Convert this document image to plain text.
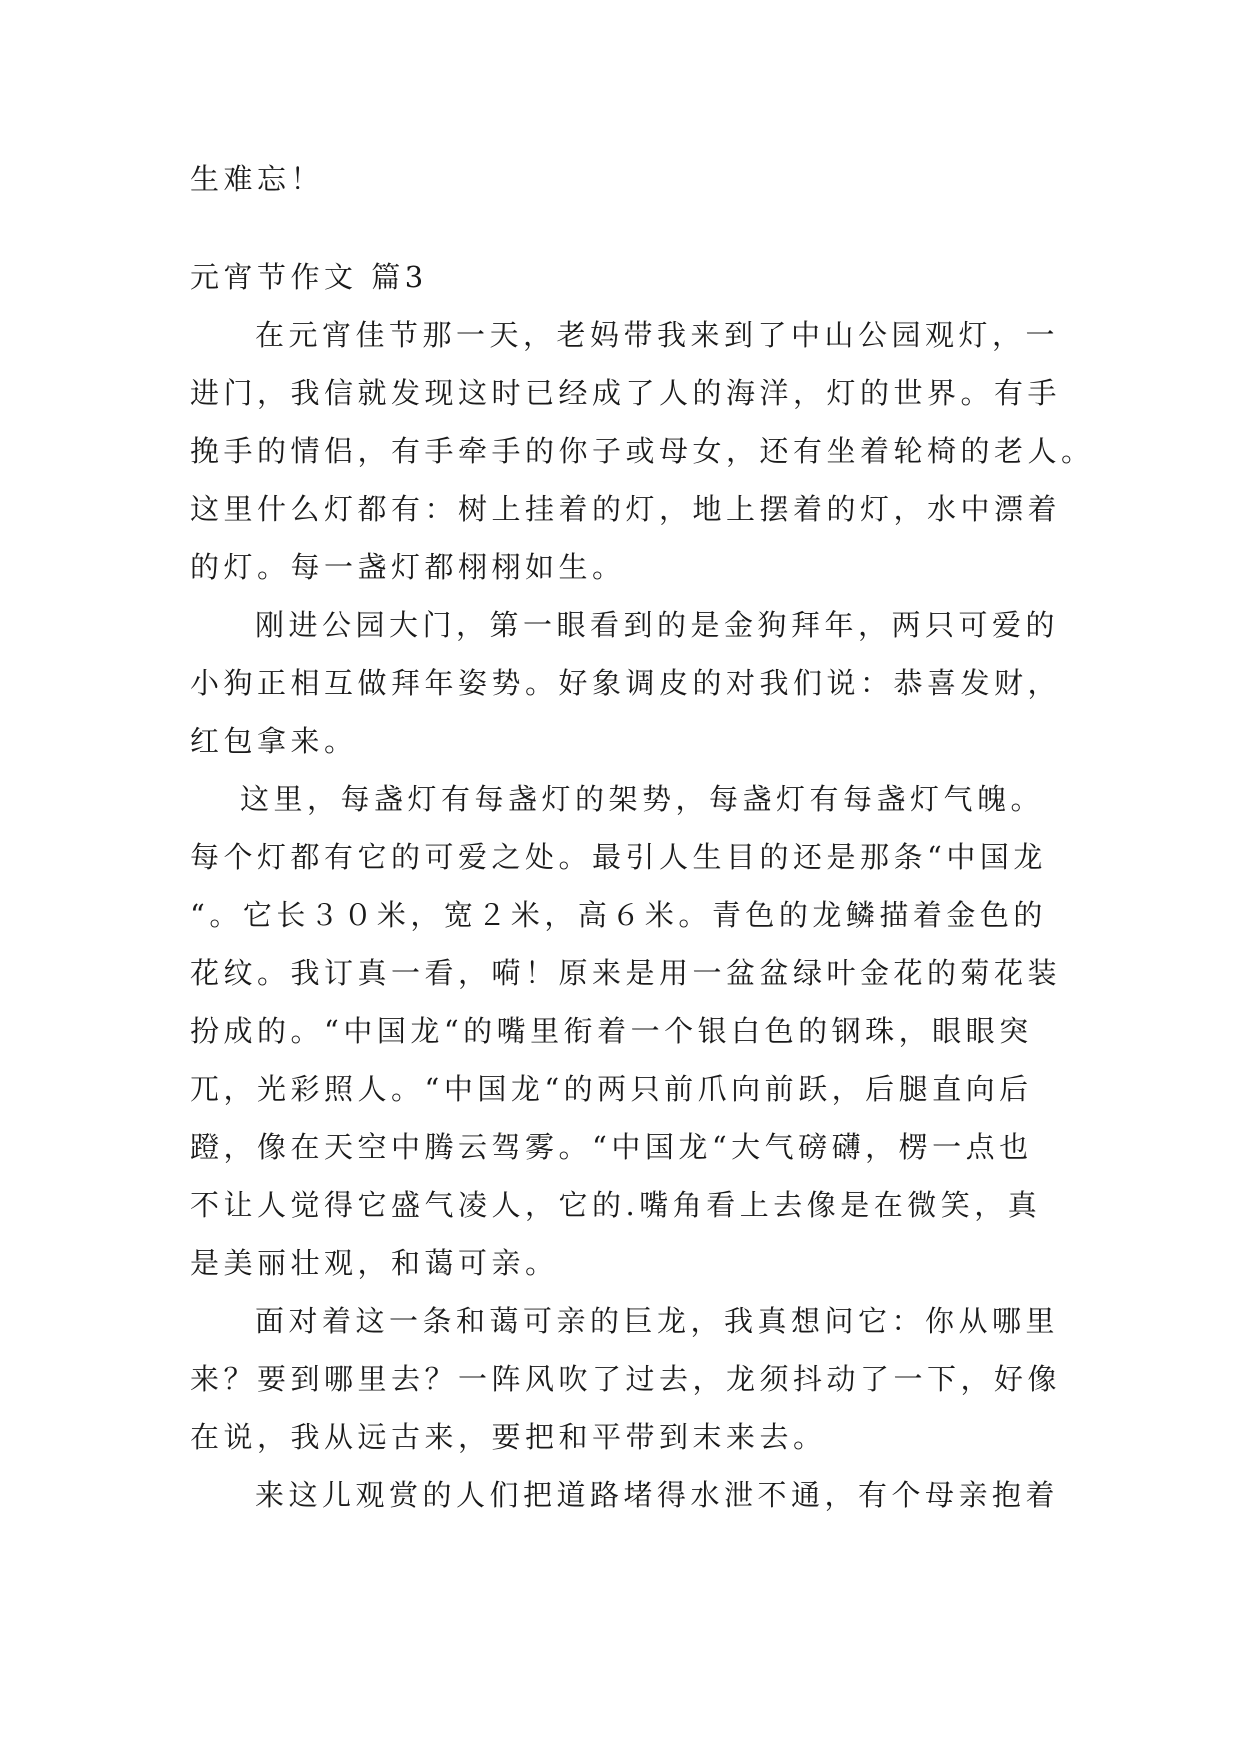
生难忘！
元宵节作文 篇3
在元宵佳节那一天，老妈带我来到了中山公园观灯，一
进门，我信就发现这时已经成了人的海洋，灯的世界。有手
挽手的情侣，有手牵手的你子或母女，还有坐着轮椅的老人。
这里什么灯都有：树上挂着的灯，地上摆着的灯，水中漂着
的灯。每一盏灯都栩栩如生。
刚进公园大门，第一眼看到的是金狗拜年，两只可爱的
小狗正相互做拜年姿势。好象调皮的对我们说：恭喜发财，
红包拿来。
这里，每盏灯有每盏灯的架势，每盏灯有每盏灯气魄。
每个灯都有它的可爱之处。最引人生目的还是那条“中国龙
“。它长３０米，宽２米，高６米。青色的龙鳞描着金色的
花纹。我订真一看，嗬！原来是用一盆盆绿叶金花的菊花装
扮成的。“中国龙“的嘴里衔着一个银白色的钢珠，眼眼突
兀，光彩照人。“中国龙“的两只前爪向前跃，后腿直向后
蹬，像在天空中腾云驾雾。“中国龙“大气磅礴，楞一点也
不让人觉得它盛气凌人，它的.嘴角看上去像是在微笑，真
是美丽壮观，和蔼可亲。
面对着这一条和蔼可亲的巨龙，我真想问它：你从哪里
来？要到哪里去？一阵风吹了过去，龙须抖动了一下，好像
在说，我从远古来，要把和平带到末来去。
来这儿观赏的人们把道路堵得水泄不通，有个母亲抱着
